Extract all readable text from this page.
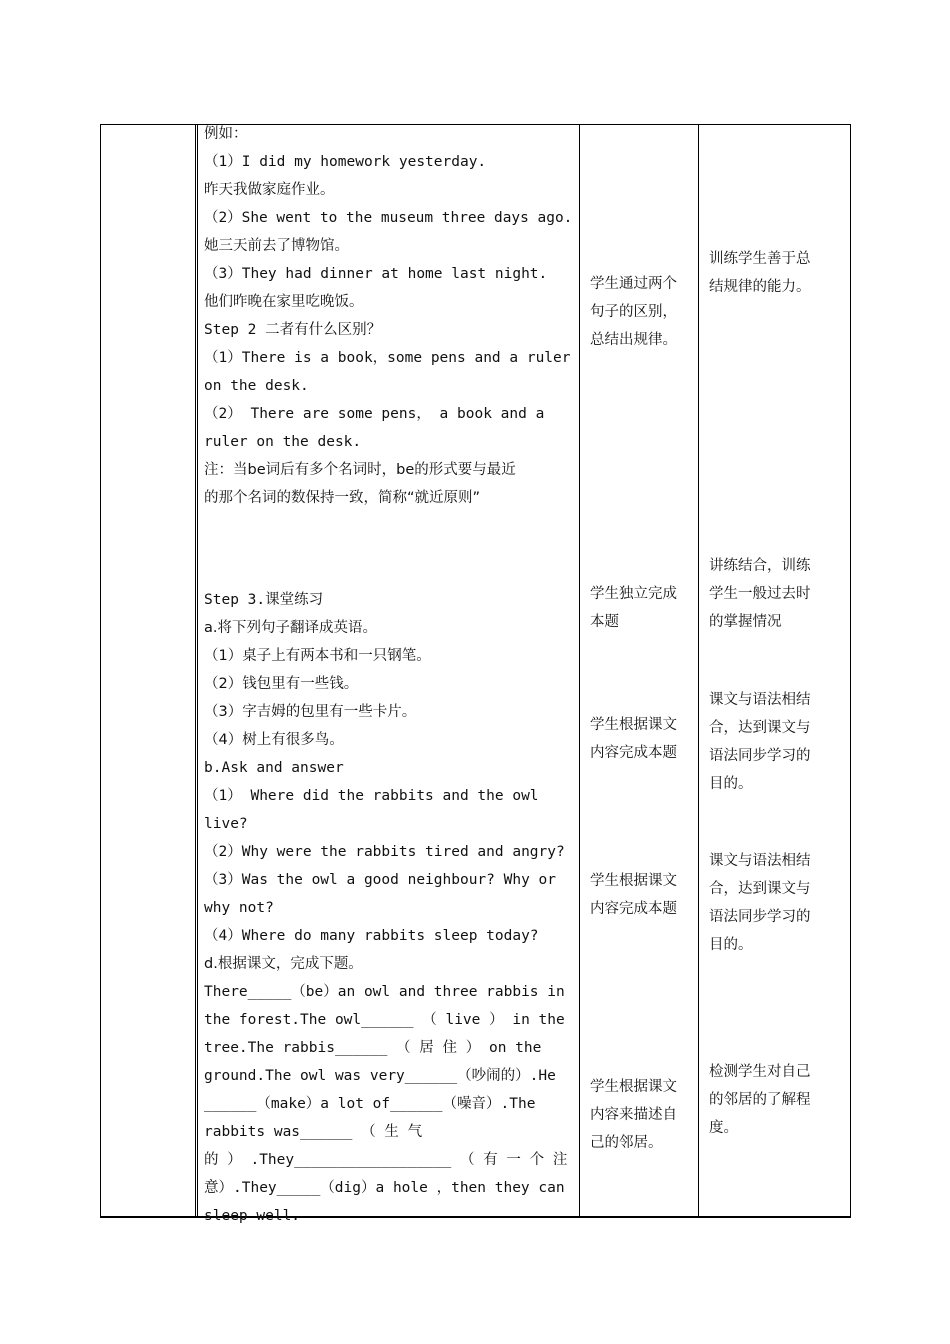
例如：
（1）I did my homework yesterday.
昨天我做家庭作业。
（2）She went to the museum three days ago.
她三天前去了博物馆。
（3）They had dinner at home last night.
他们昨晚在家里吃晚饭。
Step 2 二者有什么区别？
（1）There is a book，some pens and a ruler
on the desk.
（2） There are some pens， a book and a
ruler on the desk.
注：当be词后有多个名词时，be的形式要与最近
的那个名词的数保持一致，简称“就近原则”
Step 3.课堂练习
a.将下列句子翻译成英语。
（1）桌子上有两本书和一只钢笔。
（2）钱包里有一些钱。
（3）字吉姆的包里有一些卡片。
（4）树上有很多鸟。
b.Ask and answer
（1） Where did the rabbits and the owl
live?
（2）Why were the rabbits tired and angry?
（3）Was the owl a good neighbour? Why or
why not?
（4）Where do many rabbits sleep today?
d.根据课文，完成下题。
There_____（be）an owl and three rabbis in
the forest.The owl______ （ live ） in the
tree.The rabbis______ （ 居 住 ） on the
ground.The owl was very______（吵闹的）.He
______（make）a lot of______（噪音）.The
rabbits was______ （ 生 气
的 ） .They__________________ （ 有 一 个 注
意）.They_____（dig）a hole ，then they can
sleep well.
学生通过两个
句子的区别，
总结出规律。
学生独立完成
本题
学生根据课文
内容完成本题
学生根据课文
内容完成本题
学生根据课文
内容来描述自
己的邻居。
训练学生善于总
结规律的能力。
讲练结合，训练
学生一般过去时
的掌握情况
课文与语法相结
合，达到课文与
语法同步学习的
目的。
课文与语法相结
合，达到课文与
语法同步学习的
目的。
检测学生对自己
的邻居的了解程
度。
